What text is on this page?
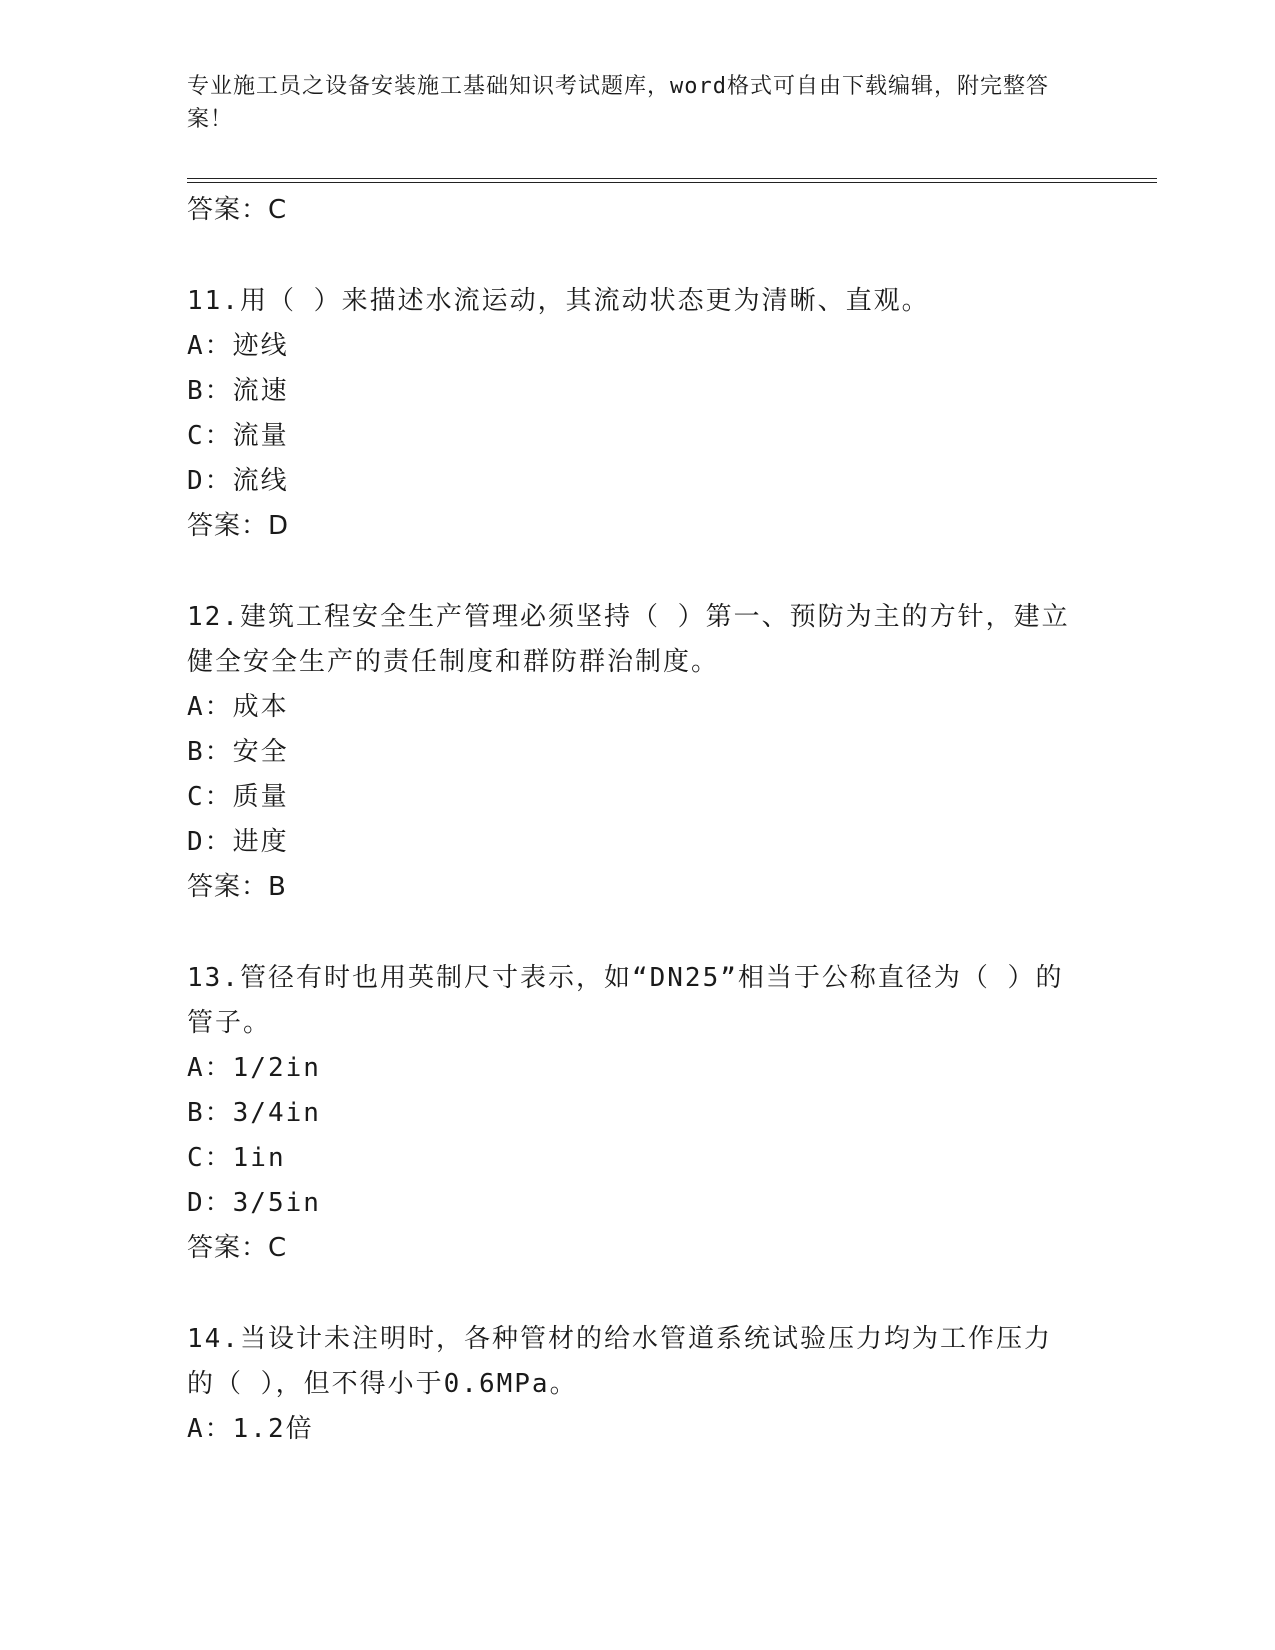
专业施工员之设备安装施工基础知识考试题库，word格式可自由下载编辑，附完整答案！
答案：C
11.用（ ）来描述水流运动，其流动状态更为清晰、直观。
A：迹线
B：流速
C：流量
D：流线
答案：D
12.建筑工程安全生产管理必须坚持（ ）第一、预防为主的方针，建立健全安全生产的责任制度和群防群治制度。
A：成本
B：安全
C：质量
D：进度
答案：B
13.管径有时也用英制尺寸表示，如“DN25”相当于公称直径为（ ）的管子。
A：1/2in
B：3/4in
C：1in
D：3/5in
答案：C
14.当设计未注明时，各种管材的给水管道系统试验压力均为工作压力的（ ），但不得小于0.6MPa。
A：1.2倍
